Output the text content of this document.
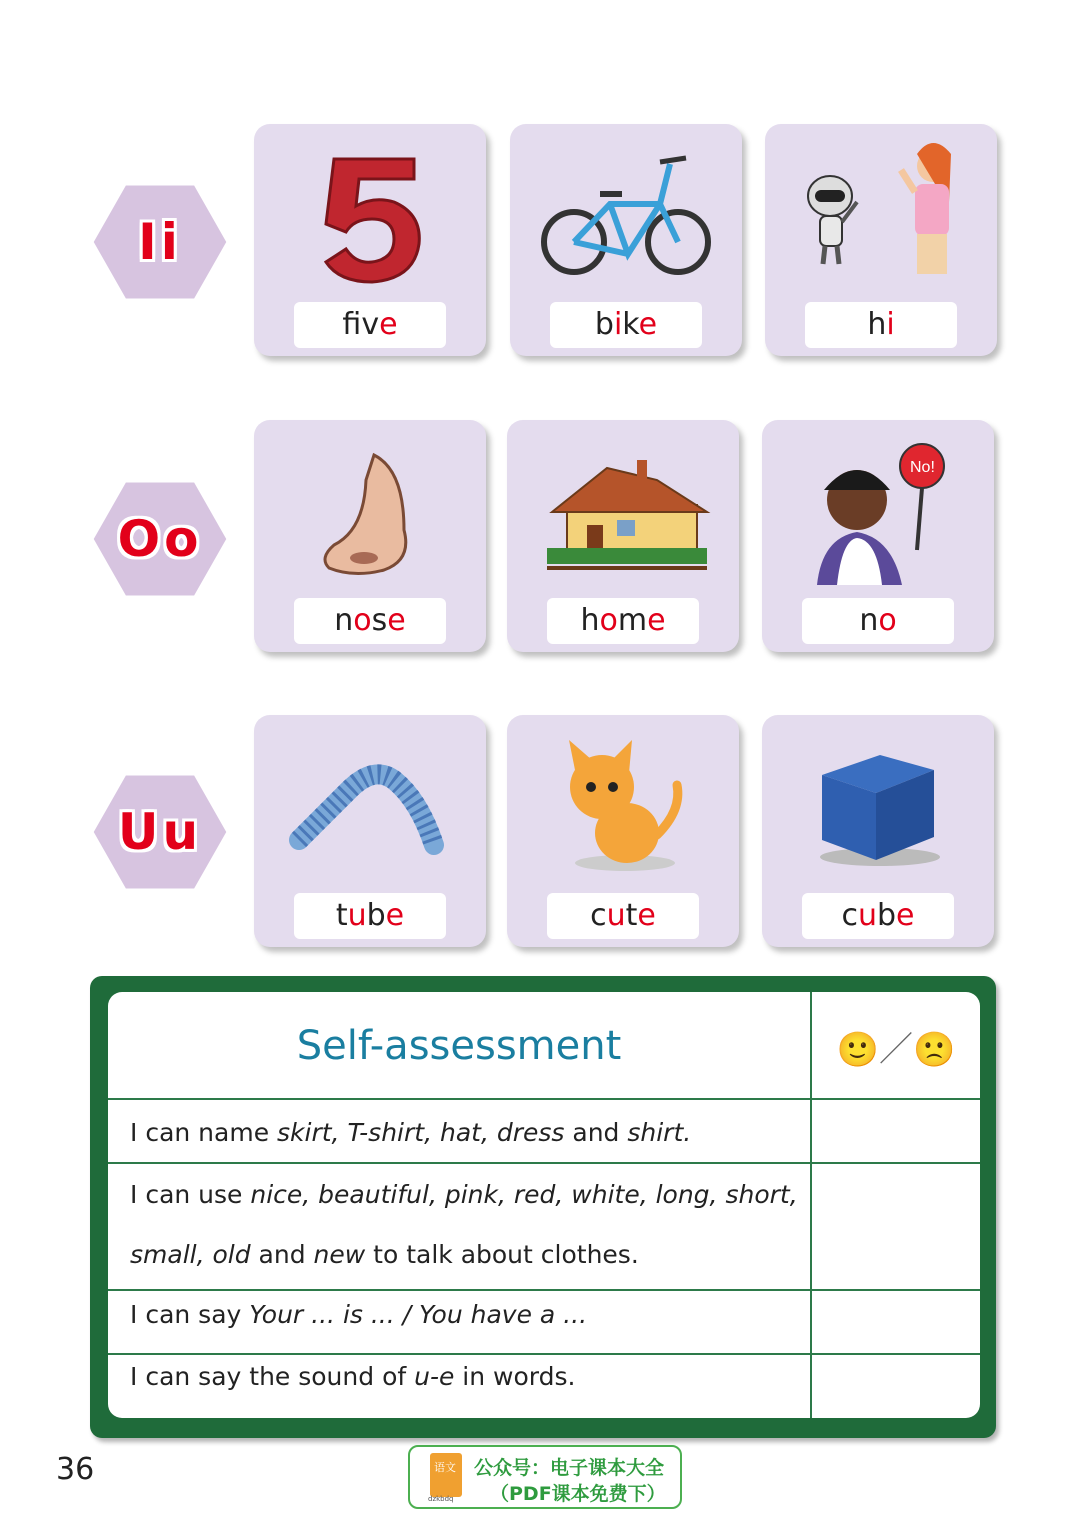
Ii
fve	bike	hi
Oo
nose	home
No!
no
Uu
tube	cute	cube
Self-assessment	🙂／🙁
I can name skirt, T-shirt, hat, dress and shirt.
I can use nice, beautiful, pink, red, white, long, short,
small, old and new to talk about clothes.
I can say Your ... is ... / You have a ...
I can say the sound of u-e in words.
36	语文
dzkbdq
公众号：电子课本大全
（PDF课本免费下）
